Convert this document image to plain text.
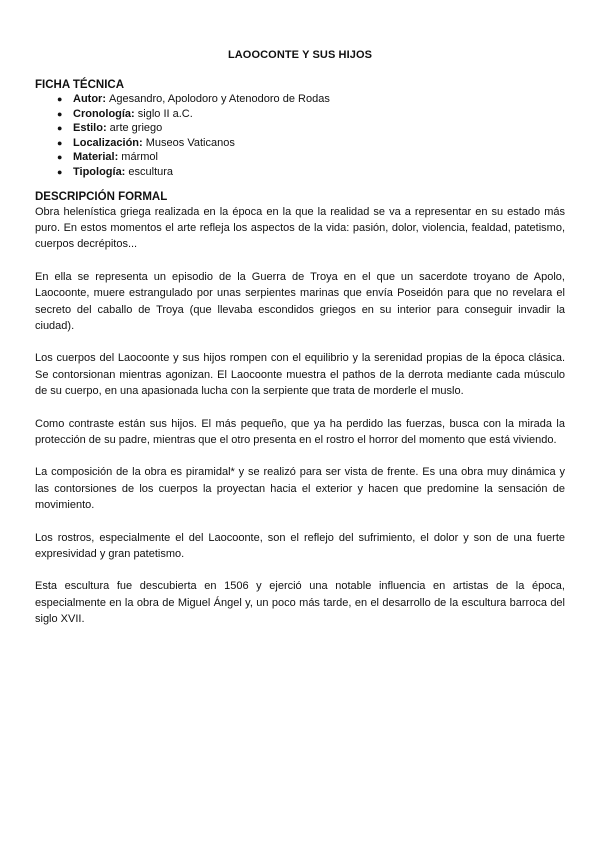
LAOOCONTE Y SUS HIJOS
FICHA TÉCNICA
● Autor: Agesandro, Apolodoro y Atenodoro de Rodas
● Cronología: siglo II a.C.
● Estilo: arte griego
● Localización: Museos Vaticanos
● Material: mármol
● Tipología: escultura
DESCRIPCIÓN FORMAL

Obra helenística griega realizada en la época en la que la realidad se va a representar en su estado más puro. En estos momentos el arte refleja los aspectos de la vida: pasión, dolor, violencia, fealdad, patetismo, cuerpos decrépitos...

En ella se representa un episodio de la Guerra de Troya en el que un sacerdote troyano de Apolo, Laocoonte, muere estrangulado por unas serpientes marinas que envía Poseidón para que no revelara el secreto del caballo de Troya (que llevaba escondidos griegos en su interior para conseguir invadir la ciudad).

Los cuerpos del Laocoonte y sus hijos rompen con el equilibrio y la serenidad propias de la época clásica. Se contorsionan mientras agonizan. El Laocoonte muestra el pathos de la derrota mediante cada músculo de su cuerpo, en una apasionada lucha con la serpiente que trata de morderle el muslo.

Como contraste están sus hijos. El más pequeño, que ya ha perdido las fuerzas, busca con la mirada la protección de su padre, mientras que el otro presenta en el rostro el horror del momento que está viviendo.

La composición de la obra es piramidal* y se realizó para ser vista de frente. Es una obra muy dinámica y las contorsiones de los cuerpos la proyectan hacia el exterior y hacen que predomine la sensación de movimiento.

Los rostros, especialmente el del Laocoonte, son el reflejo del sufrimiento, el dolor y son de una fuerte expresividad y gran patetismo.

Esta escultura fue descubierta en 1506 y ejerció una notable influencia en artistas de la época, especialmente en la obra de Miguel Ángel y, un poco más tarde, en el desarrollo de la escultura barroca del siglo XVII.
